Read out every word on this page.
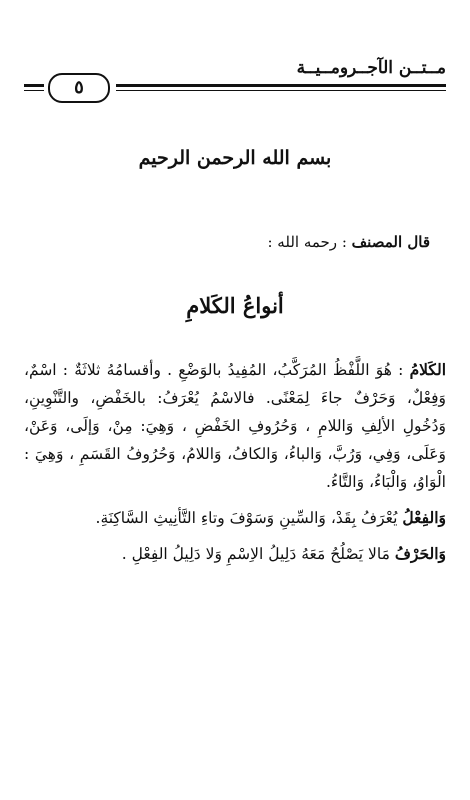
مــتــن الآجــرومــيــة
٥
بسم الله الرحمن الرحيم
قال المصنف : رحمه الله :
أنواعُ الكَلامِ

الكَلامُ : هُوَ اللَّفْظُ المُرَكَّبُ، المُفِيدُ بالوَضْعِ . وأقسامُهُ ثلاثَةٌ : اسْمٌ، وَفِعْلٌ، وَحَرْفٌ جاءَ لِمَعْنًى. فالاسْمُ يُعْرَفُ: بالخَفْضِ، والتَّنْوِينِ، وَدُخُولِ الألِفِ وَاللامِ ، وَحُرُوفِ الخَفْضِ ، وَهِيَ: مِنْ، وَإلَى، وَعَنْ، وَعَلَى، وَفِي، وَرُبَّ، وَالباءُ، وَالكافُ، وَاللامُ، وَحُرُوفُ القَسَمِ ، وَهِيَ : الْوَاوُ، وَالْبَاءُ، وَالتَّاءُ.

وَالفِعْلُ يُعْرَفُ بِقَدْ، وَالسِّينِ وَسَوْفَ وتاءِ التَّأنِيثِ السَّاكِنَةِ.

وَالحَرْفُ مَالا يَصْلُحُ مَعَهُ دَلِيلُ الاِسْمِ وَلا دَلِيلُ الفِعْلِ .
